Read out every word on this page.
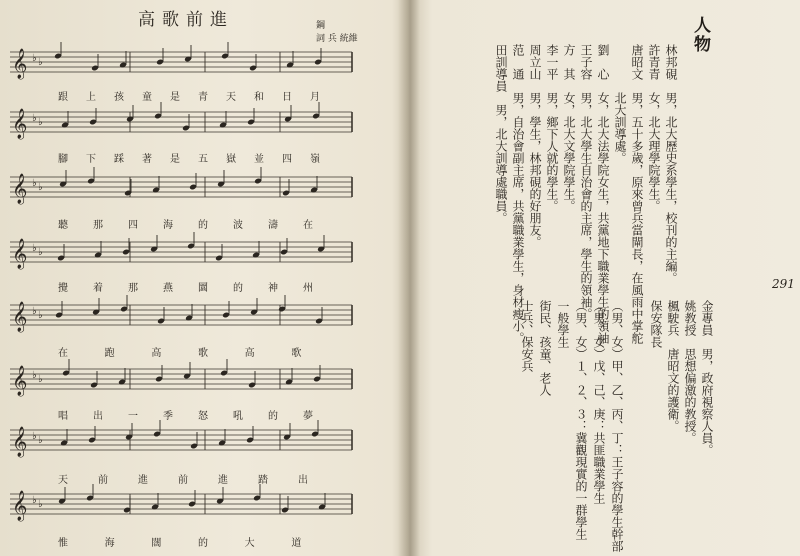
高歌前進	鋼
詞 兵 統維
𝄞 ♭ ♭
跟 上 孩 童 是 青 天 和 日 月
𝄞 ♭ ♭
腳 下 踩 著 是 五 嶽 並 四 嶺
𝄞 ♭ ♭
聽	那	四	海	的	波	濤	在
𝄞 ♭ ♭
攪	着	那	燕	圜	的	神	州
𝄞 ♭ ♭
在	跑	高	歌	高	歌
𝄞 ♭ ♭
唱	出	一	季	怒	吼	的	夢
𝄞 ♭ ♭
天	前	進	前	進	踏	出
𝄞 ♭ ♭
惟	海	闊	的	大	道
291
人物
林邦硯　男，北大歷史系學生，校刊的主編。
許青青　女，北大理學院學生。
唐昭文　男，五十多歲，原來曾兵當閘長，在風雨中掌舵
　　　　北大訓導處。
劉　心　女，北大法學院女生，共黨地下職業學生的領袖
王子容　男，北大學生自治會的主席，學生的領袖。
方　其　女，北大文學院學生。
李一平　男，鄉下人就的學生。
周立山　男，學生，林邦硯的好朋友。
范　通　男，自治會副主席，共黨職業學生，身材瘦小。
田訓導員　男，北大訓導處職員。
金專員　男，政府視察人員。
姚教授　思想偏激的教授。
楓駛兵　唐昭文的護衛。
保安隊長
（男、女）甲、乙、丙、丁：王子容的學生幹部
（男、女）戊、己、庚：共匪職業學生
（男、女）１、２、３：冀觀現實的一群學生
一般學生
街民、孩童、老人
士兵、保安兵
